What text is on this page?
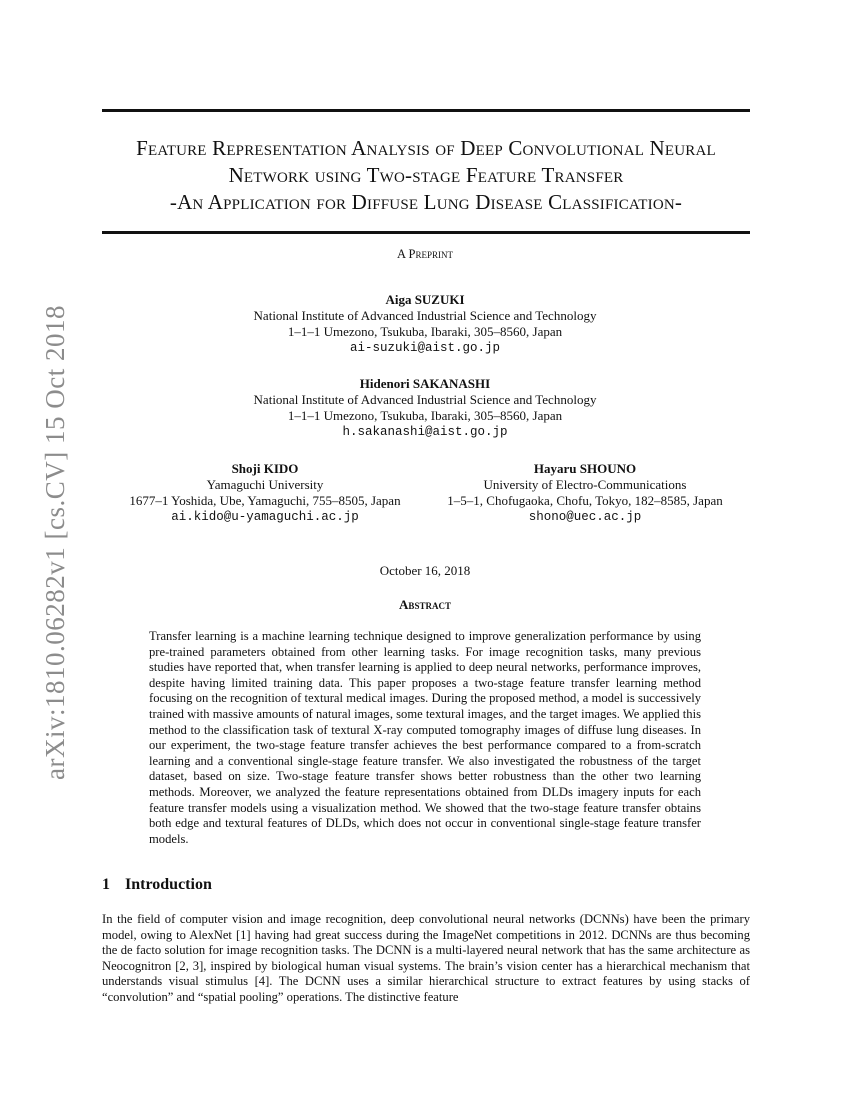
arXiv:1810.06282v1 [cs.CV] 15 Oct 2018
Feature Representation Analysis of Deep Convolutional Neural
Network using Two-stage Feature Transfer
-An Application for Diffuse Lung Disease Classification-
A Preprint
Aiga SUZUKI
National Institute of Advanced Industrial Science and Technology
1–1–1 Umezono, Tsukuba, Ibaraki, 305–8560, Japan
ai-suzuki@aist.go.jp
Hidenori SAKANASHI
National Institute of Advanced Industrial Science and Technology
1–1–1 Umezono, Tsukuba, Ibaraki, 305–8560, Japan
h.sakanashi@aist.go.jp
Shoji KIDO
Yamaguchi University
1677–1 Yoshida, Ube, Yamaguchi, 755–8505, Japan
ai.kido@u-yamaguchi.ac.jp
Hayaru SHOUNO
University of Electro-Communications
1–5–1, Chofugaoka, Chofu, Tokyo, 182–8585, Japan
shono@uec.ac.jp
October 16, 2018
Abstract
Transfer learning is a machine learning technique designed to improve generalization performance by using pre-trained parameters obtained from other learning tasks. For image recognition tasks, many previous studies have reported that, when transfer learning is applied to deep neural networks, performance improves, despite having limited training data. This paper proposes a two-stage feature transfer learning method focusing on the recognition of textural medical images. During the proposed method, a model is successively trained with massive amounts of natural images, some textural images, and the target images. We applied this method to the classification task of textural X-ray computed tomography images of diffuse lung diseases. In our experiment, the two-stage feature transfer achieves the best performance compared to a from-scratch learning and a conventional single-stage feature transfer. We also investigated the robustness of the target dataset, based on size. Two-stage feature transfer shows better robustness than the other two learning methods. Moreover, we analyzed the feature representations obtained from DLDs imagery inputs for each feature transfer models using a visualization method. We showed that the two-stage feature transfer obtains both edge and textural features of DLDs, which does not occur in conventional single-stage feature transfer models.
1 Introduction
In the field of computer vision and image recognition, deep convolutional neural networks (DCNNs) have been the primary model, owing to AlexNet [1] having had great success during the ImageNet competitions in 2012. DCNNs are thus becoming the de facto solution for image recognition tasks. The DCNN is a multi-layered neural network that has the same architecture as Neocognitron [2, 3], inspired by biological human visual systems. The brain’s vision center has a hierarchical mechanism that understands visual stimulus [4]. The DCNN uses a similar hierarchical structure to extract features by using stacks of “convolution” and “spatial pooling” operations. The distinctive feature
